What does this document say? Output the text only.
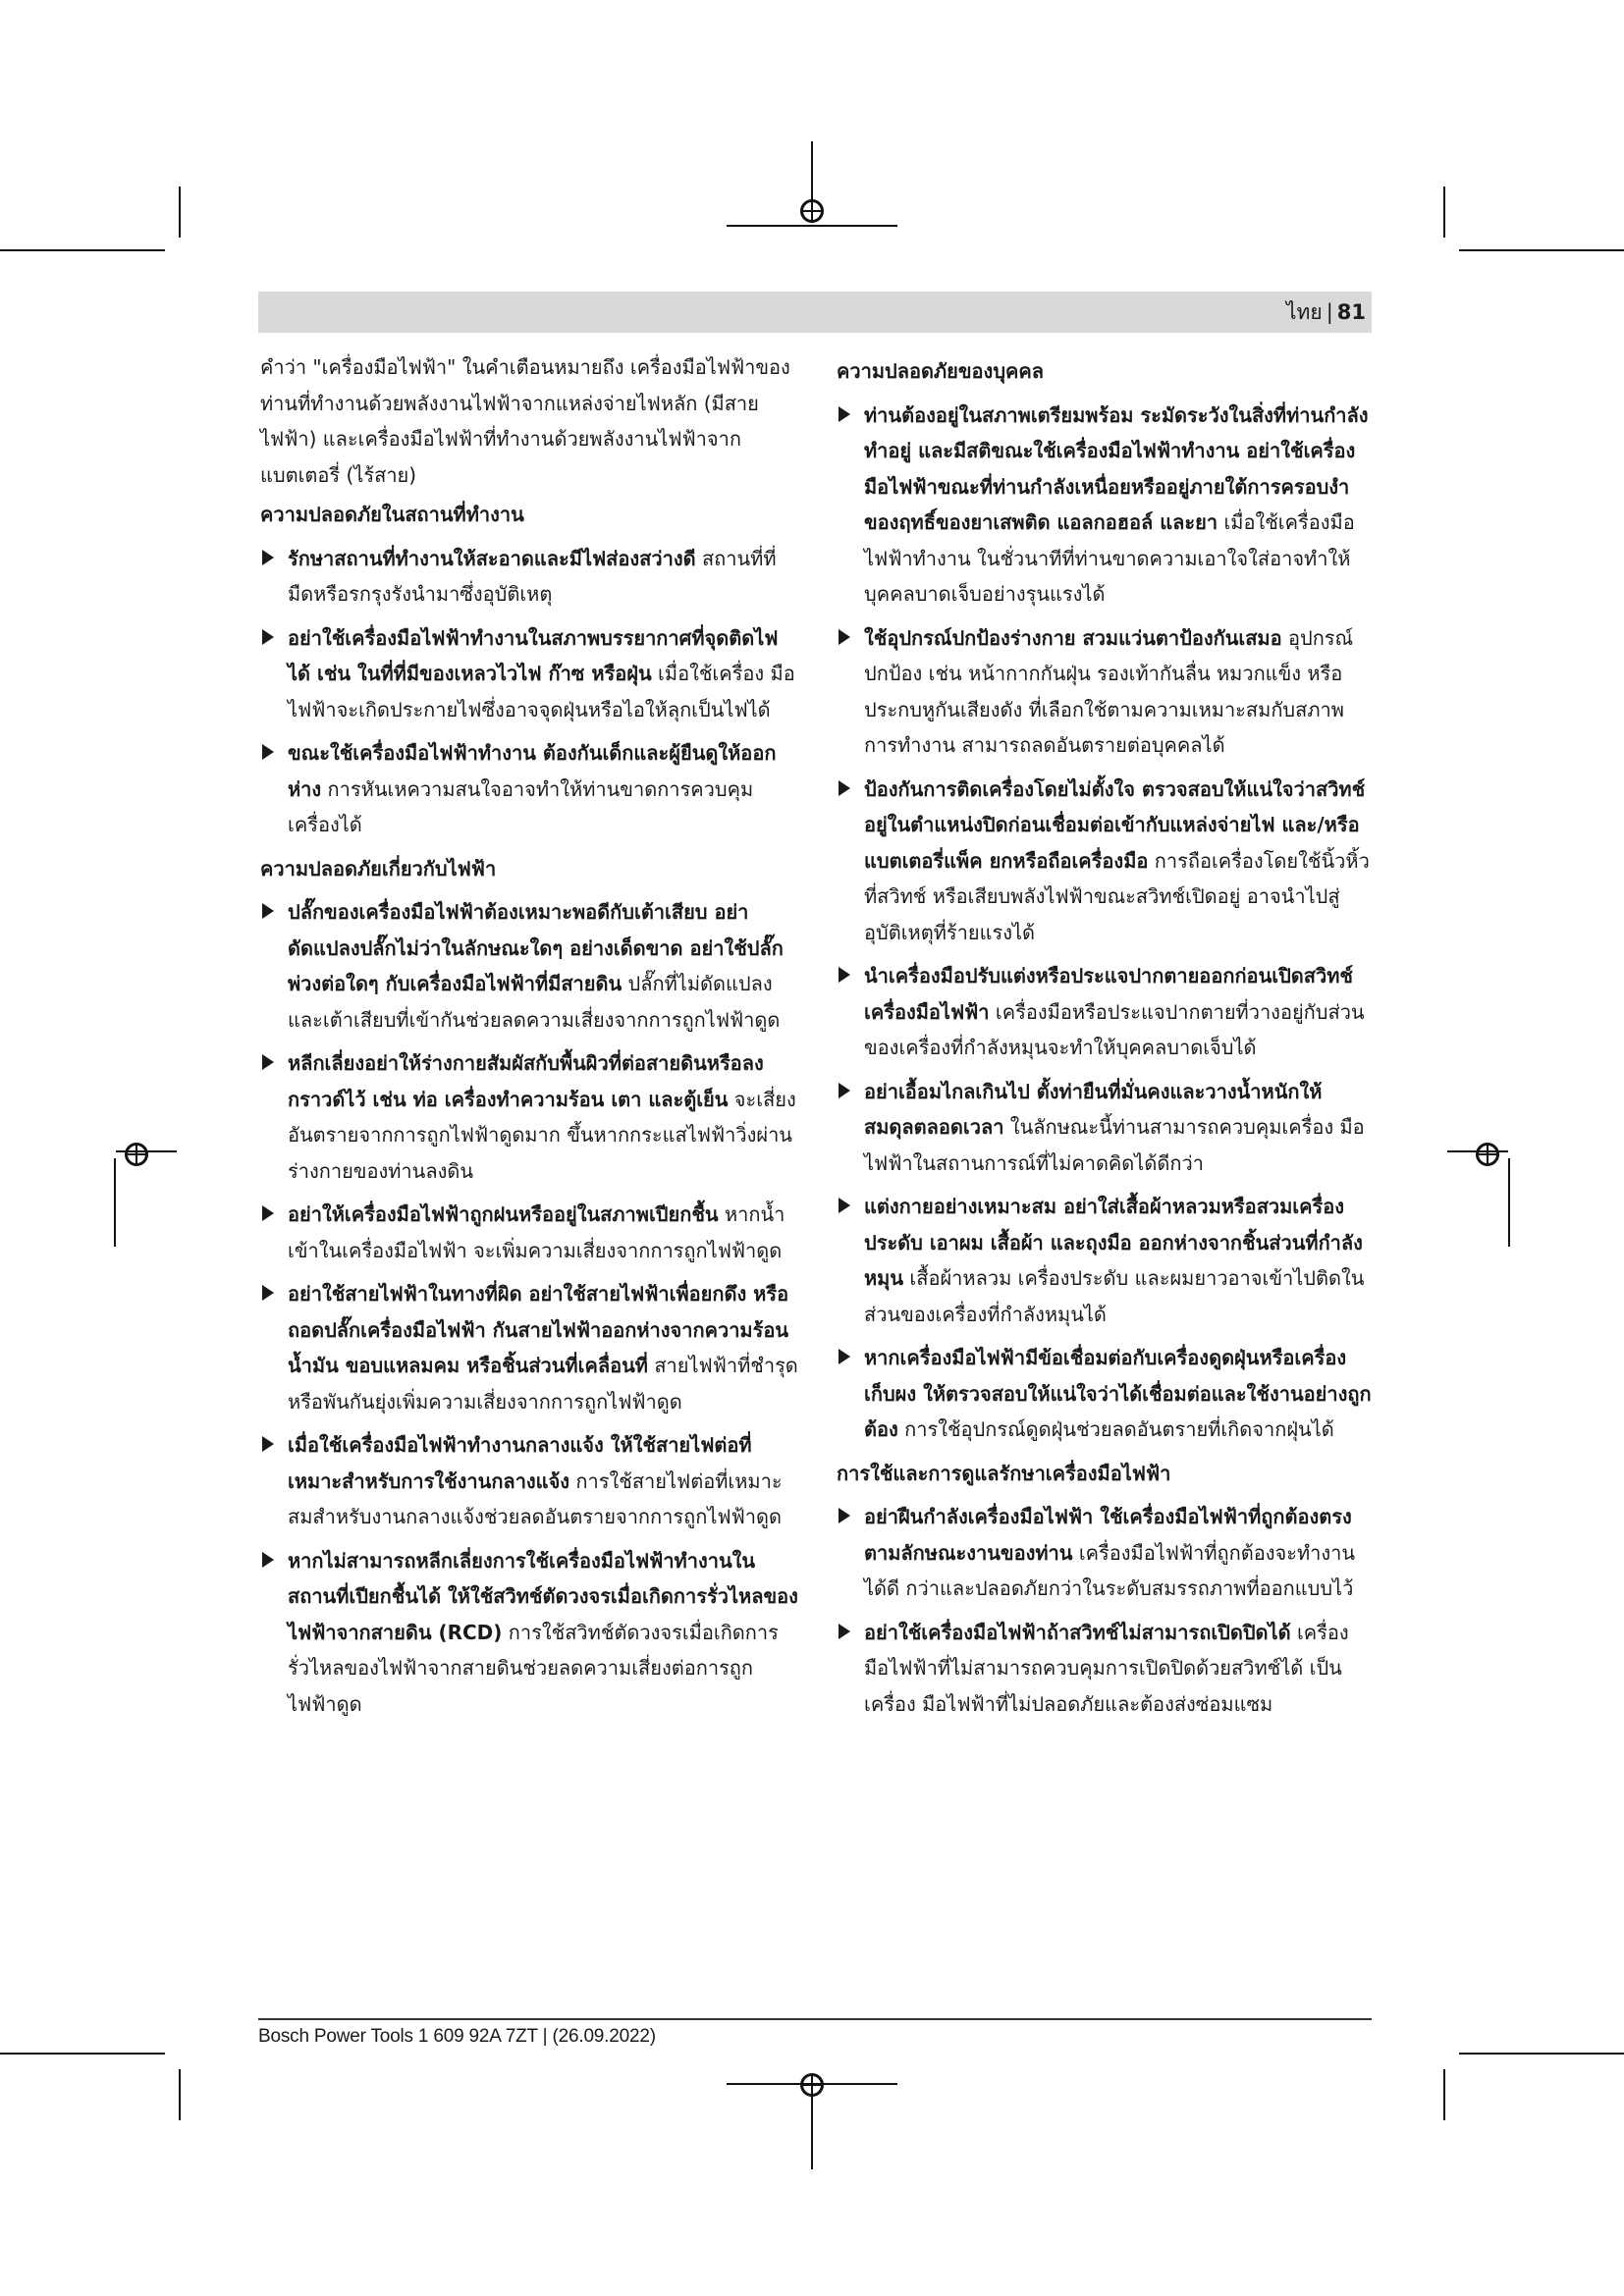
ไทย | 81

คำว่า "เครื่องมือไฟฟ้า" ในคำเตือนหมายถึง เครื่องมือไฟฟ้าของท่านที่ทำงานด้วยพลังงานไฟฟ้าจากแหล่งจ่ายไฟหลัก (มีสายไฟฟ้า) และเครื่องมือไฟฟ้าที่ทำงานด้วยพลังงานไฟฟ้าจากแบตเตอรี่ (ไร้สาย)

ความปลอดภัยในสถานที่ทำงาน
รักษาสถานที่ทำงานให้สะอาดและมีไฟส่องสว่างดี สถานที่ที่มืดหรือรกรุงรังนำมาซึ่งอุบัติเหตุ
อย่าใช้เครื่องมือไฟฟ้าทำงานในสภาพบรรยากาศที่จุดติดไฟได้ เช่น ในที่ที่มีของเหลวไวไฟ ก๊าซ หรือฝุ่น เมื่อใช้เครื่อง มือไฟฟ้าจะเกิดประกายไฟซึ่งอาจจุดฝุ่นหรือไอให้ลุกเป็นไฟได้
ขณะใช้เครื่องมือไฟฟ้าทำงาน ต้องกันเด็กและผู้ยืนดูให้ออกห่าง การหันเหความสนใจอาจทำให้ท่านขาดการควบคุมเครื่องได้
ความปลอดภัยเกี่ยวกับไฟฟ้า
ปลั๊กของเครื่องมือไฟฟ้าต้องเหมาะพอดีกับเต้าเสียบ อย่าดัดแปลงปลั๊กไม่ว่าในลักษณะใดๆ อย่างเด็ดขาด อย่าใช้ปลั๊กพ่วงต่อใดๆ กับเครื่องมือไฟฟ้าที่มีสายดิน ปลั๊กที่ไม่ดัดแปลงและเต้าเสียบที่เข้ากันช่วยลดความเสี่ยงจากการถูกไฟฟ้าดูด
หลีกเลี่ยงอย่าให้ร่างกายสัมผัสกับพื้นผิวที่ต่อสายดินหรือลงกราวด์ไว้ เช่น ท่อ เครื่องทำความร้อน เตา และตู้เย็น จะเสี่ยงอันตรายจากการถูกไฟฟ้าดูดมาก ขึ้นหากกระแสไฟฟ้าวิ่งผ่านร่างกายของท่านลงดิน
อย่าให้เครื่องมือไฟฟ้าถูกฝนหรืออยู่ในสภาพเปียกชื้น หากน้ำเข้าในเครื่องมือไฟฟ้า จะเพิ่มความเสี่ยงจากการถูกไฟฟ้าดูด
อย่าใช้สายไฟฟ้าในทางที่ผิด อย่าใช้สายไฟฟ้าเพื่อยกดึง หรือถอดปลั๊กเครื่องมือไฟฟ้า กันสายไฟฟ้าออกห่างจากความร้อน น้ำมัน ขอบแหลมคม หรือชิ้นส่วนที่เคลื่อนที่ สายไฟฟ้าที่ชำรุดหรือพันกันยุ่งเพิ่มความเสี่ยงจากการถูกไฟฟ้าดูด
เมื่อใช้เครื่องมือไฟฟ้าทำงานกลางแจ้ง ให้ใช้สายไฟต่อที่เหมาะสำหรับการใช้งานกลางแจ้ง การใช้สายไฟต่อที่เหมาะสมสำหรับงานกลางแจ้งช่วยลดอันตรายจากการถูกไฟฟ้าดูด
หากไม่สามารถหลีกเลี่ยงการใช้เครื่องมือไฟฟ้าทำงานในสถานที่เปียกชื้นได้ ให้ใช้สวิทช์ตัดวงจรเมื่อเกิดการรั่วไหลของไฟฟ้าจากสายดิน (RCD) การใช้สวิทช์ตัดวงจรเมื่อเกิดการรั่วไหลของไฟฟ้าจากสายดินช่วยลดความเสี่ยงต่อการถูกไฟฟ้าดูด
ความปลอดภัยของบุคคล
ท่านต้องอยู่ในสภาพเตรียมพร้อม ระมัดระวังในสิ่งที่ท่านกำลังทำอยู่ และมีสติขณะใช้เครื่องมือไฟฟ้าทำงาน อย่าใช้เครื่องมือไฟฟ้าขณะที่ท่านกำลังเหนื่อยหรืออยู่ภายใต้การครอบงำของฤทธิ์ของยาเสพติด แอลกอฮอล์ และยา เมื่อใช้เครื่องมือไฟฟ้าทำงาน ในชั่วนาทีที่ท่านขาดความเอาใจใส่อาจทำให้บุคคลบาดเจ็บอย่างรุนแรงได้
ใช้อุปกรณ์ปกป้องร่างกาย สวมแว่นตาป้องกันเสมอ อุปกรณ์ปกป้อง เช่น หน้ากากกันฝุ่น รองเท้ากันลื่น หมวกแข็ง หรือประกบหูกันเสียงดัง ที่เลือกใช้ตามความเหมาะสมกับสภาพการทำงาน สามารถลดอันตรายต่อบุคคลได้
ป้องกันการติดเครื่องโดยไม่ตั้งใจ ตรวจสอบให้แน่ใจว่าสวิทช์อยู่ในตำแหน่งปิดก่อนเชื่อมต่อเข้ากับแหล่งจ่ายไฟ และ/หรือแบตเตอรี่แพ็ค ยกหรือถือเครื่องมือ การถือเครื่องโดยใช้นิ้วหิ้วที่สวิทช์ หรือเสียบพลังไฟฟ้าขณะสวิทช์เปิดอยู่ อาจนำไปสู่อุบัติเหตุที่ร้ายแรงได้
นำเครื่องมือปรับแต่งหรือประแจปากตายออกก่อนเปิดสวิทช์เครื่องมือไฟฟ้า เครื่องมือหรือประแจปากตายที่วางอยู่กับส่วนของเครื่องที่กำลังหมุนจะทำให้บุคคลบาดเจ็บได้
อย่าเอื้อมไกลเกินไป ตั้งท่ายืนที่มั่นคงและวางน้ำหนักให้สมดุลตลอดเวลา ในลักษณะนี้ท่านสามารถควบคุมเครื่อง มือไฟฟ้าในสถานการณ์ที่ไม่คาดคิดได้ดีกว่า
แต่งกายอย่างเหมาะสม อย่าใส่เสื้อผ้าหลวมหรือสวมเครื่องประดับ เอาผม เสื้อผ้า และถุงมือ ออกห่างจากชิ้นส่วนที่กำลังหมุน เสื้อผ้าหลวม เครื่องประดับ และผมยาวอาจเข้าไปติดในส่วนของเครื่องที่กำลังหมุนได้
หากเครื่องมือไฟฟ้ามีข้อเชื่อมต่อกับเครื่องดูดฝุ่นหรือเครื่องเก็บผง ให้ตรวจสอบให้แน่ใจว่าได้เชื่อมต่อและใช้งานอย่างถูกต้อง การใช้อุปกรณ์ดูดฝุ่นช่วยลดอันตรายที่เกิดจากฝุ่นได้
การใช้และการดูแลรักษาเครื่องมือไฟฟ้า
อย่าฝืนกำลังเครื่องมือไฟฟ้า ใช้เครื่องมือไฟฟ้าที่ถูกต้องตรงตามลักษณะงานของท่าน เครื่องมือไฟฟ้าที่ถูกต้องจะทำงานได้ดี กว่าและปลอดภัยกว่าในระดับสมรรถภาพที่ออกแบบไว้
อย่าใช้เครื่องมือไฟฟ้าถ้าสวิทช์ไม่สามารถเปิดปิดได้ เครื่องมือไฟฟ้าที่ไม่สามารถควบคุมการเปิดปิดด้วยสวิทช์ได้ เป็นเครื่อง มือไฟฟ้าที่ไม่ปลอดภัยและต้องส่งซ่อมแซม
Bosch Power Tools 1 609 92A 7ZT | (26.09.2022)
